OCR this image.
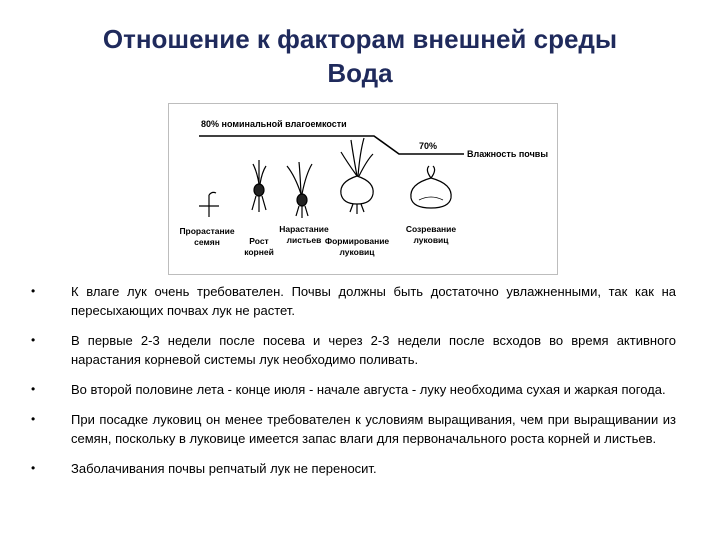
Отношение к факторам внешней среды
Вода
80% номинальной влагоемкости
70%
Влажность почвы
Прорастание
семян	Рост
корней
Нарастание
листьев Формирование
луковиц
Созревание
луковиц
•	К влаге лук очень требователен. Почвы должны быть достаточно увлажненными, так как на пересыхающих почвах лук не растет.
•	В первые 2-3 недели после посева и через 2-3 недели после всходов во время активного нарастания корневой системы лук необходимо поливать.
•	Во второй половине лета - конце июля - начале августа - луку необходима сухая и жаркая погода.
•	При посадке луковиц он менее требователен к условиям выращивания, чем при выращивании из семян, поскольку в луковице имеется запас влаги для первоначального роста корней и листьев.
•	Заболачивания почвы репчатый лук не переносит.
